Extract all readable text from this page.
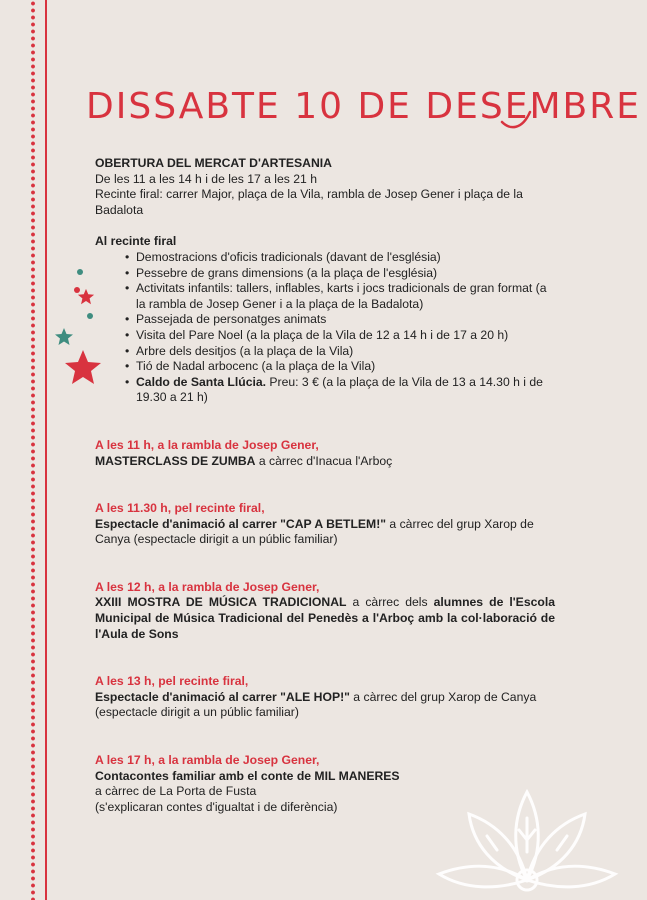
DISSABTE 10 DE DESEMBRE

OBERTURA DEL MERCAT D'ARTESANIA

De les 11 a les 14 h i de les 17 a les 21 h

Recinte firal: carrer Major, plaça de la Vila, rambla de Josep Gener i plaça de la Badalota

Al recinte firal

• Demostracions d'oficis tradicionals (davant de l'església)
• Pessebre de grans dimensions (a la plaça de l'església)
• Activitats infantils: tallers, inflables, karts i jocs tradicionals de gran format (a la rambla de Josep Gener i a la plaça de la Badalota)
• Passejada de personatges animats
• Visita del Pare Noel (a la plaça de la Vila de 12 a 14 h i de 17 a 20 h)
• Arbre dels desitjos (a la plaça de la Vila)
• Tió de Nadal arbocenc (a la plaça de la Vila)
• Caldo de Santa Llúcia. Preu: 3 € (a la plaça de la Vila de 13 a 14.30 h i de 19.30 a 21 h)

A les 11 h, a la rambla de Josep Gener,

MASTERCLASS DE ZUMBA a càrrec d'Inacua l'Arboç

A les 11.30 h, pel recinte firal,

Espectacle d'animació al carrer "CAP A BETLEM!" a càrrec del grup Xarop de Canya (espectacle dirigit a un públic familiar)

A les 12 h, a la rambla de Josep Gener,

XXIII MOSTRA DE MÚSICA TRADICIONAL a càrrec dels alumnes de l'Escola Municipal de Música Tradicional del Penedès a l'Arboç amb la col·laboració de l'Aula de Sons

A les 13 h, pel recinte firal,

Espectacle d'animació al carrer "ALE HOP!" a càrrec del grup Xarop de Canya (espectacle dirigit a un públic familiar)

A les 17 h, a la rambla de Josep Gener,

Contacontes familiar amb el conte de MIL MANERES

a càrrec de La Porta de Fusta

(s'explicaran contes d'igualtat i de diferència)
